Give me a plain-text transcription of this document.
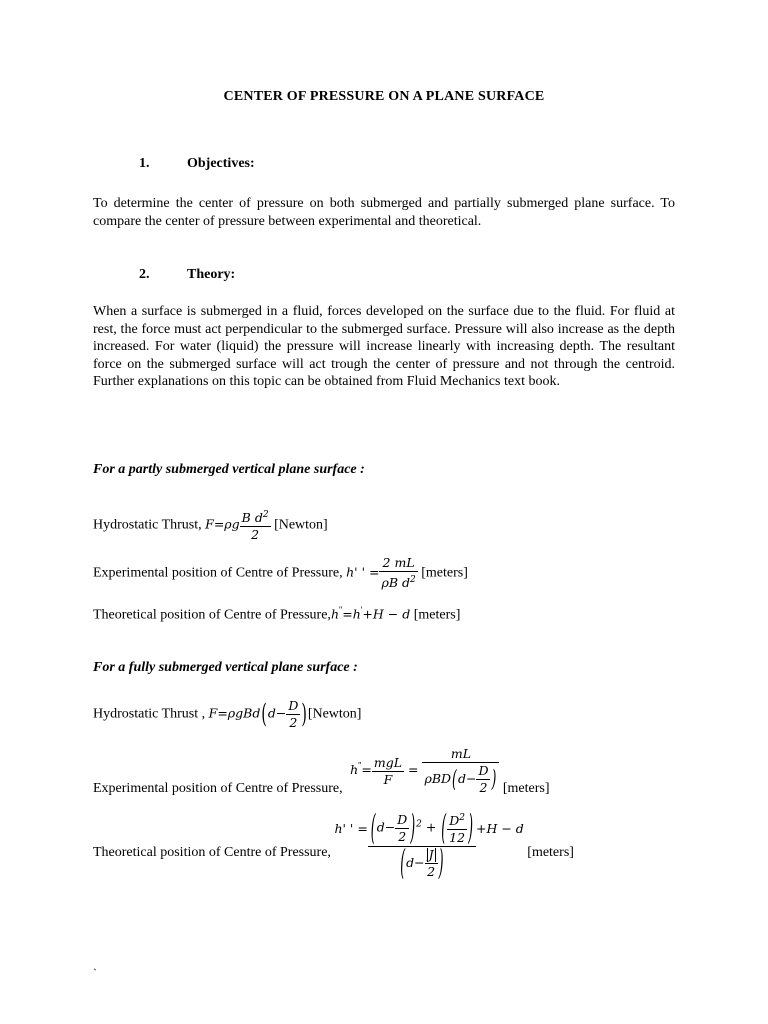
CENTER OF PRESSURE ON A PLANE SURFACE
1.	Objectives:
To determine the center of pressure on both submerged and partially submerged plane surface. To compare the center of pressure between experimental and theoretical.
2.	Theory:
When a surface is submerged in a fluid, forces developed on the surface due to the fluid. For fluid at rest, the force must act perpendicular to the submerged surface. Pressure will also increase as the depth increased. For water (liquid) the pressure will increase linearly with increasing depth. The resultant force on the submerged surface will act trough the center of pressure and not through the centroid. Further explanations on this topic can be obtained from Fluid Mechanics text book.
For a partly submerged vertical plane surface :
Hydrostatic Thrust, $F=\rho g \frac{B d^2}{2}$ [Newton]
Experimental position of Centre of Pressure, h' ' = $\frac{2 mL}{\rho B d^2}$ [meters]
Theoretical position of Centre of Pressure,h''=h'+H − d [meters]
For a fully submerged vertical plane surface :
Hydrostatic Thrust , $F=\rho gBd(d- \frac{D}{2}$ )[Newton]
Experimental position of Centre of Pressure, $h''= \frac{\text{mgL}}{F} = \frac{mL}{\rho BD(d- \frac{D}{2} )}$ [meters]
Theoretical position of Centre of Pressure, h' ' = $\frac{(d- \frac{D}{2} )^2 + ( \frac{D^2}{12} )}{(d- \frac{J}{2} )} +H - d$ [meters]
`
